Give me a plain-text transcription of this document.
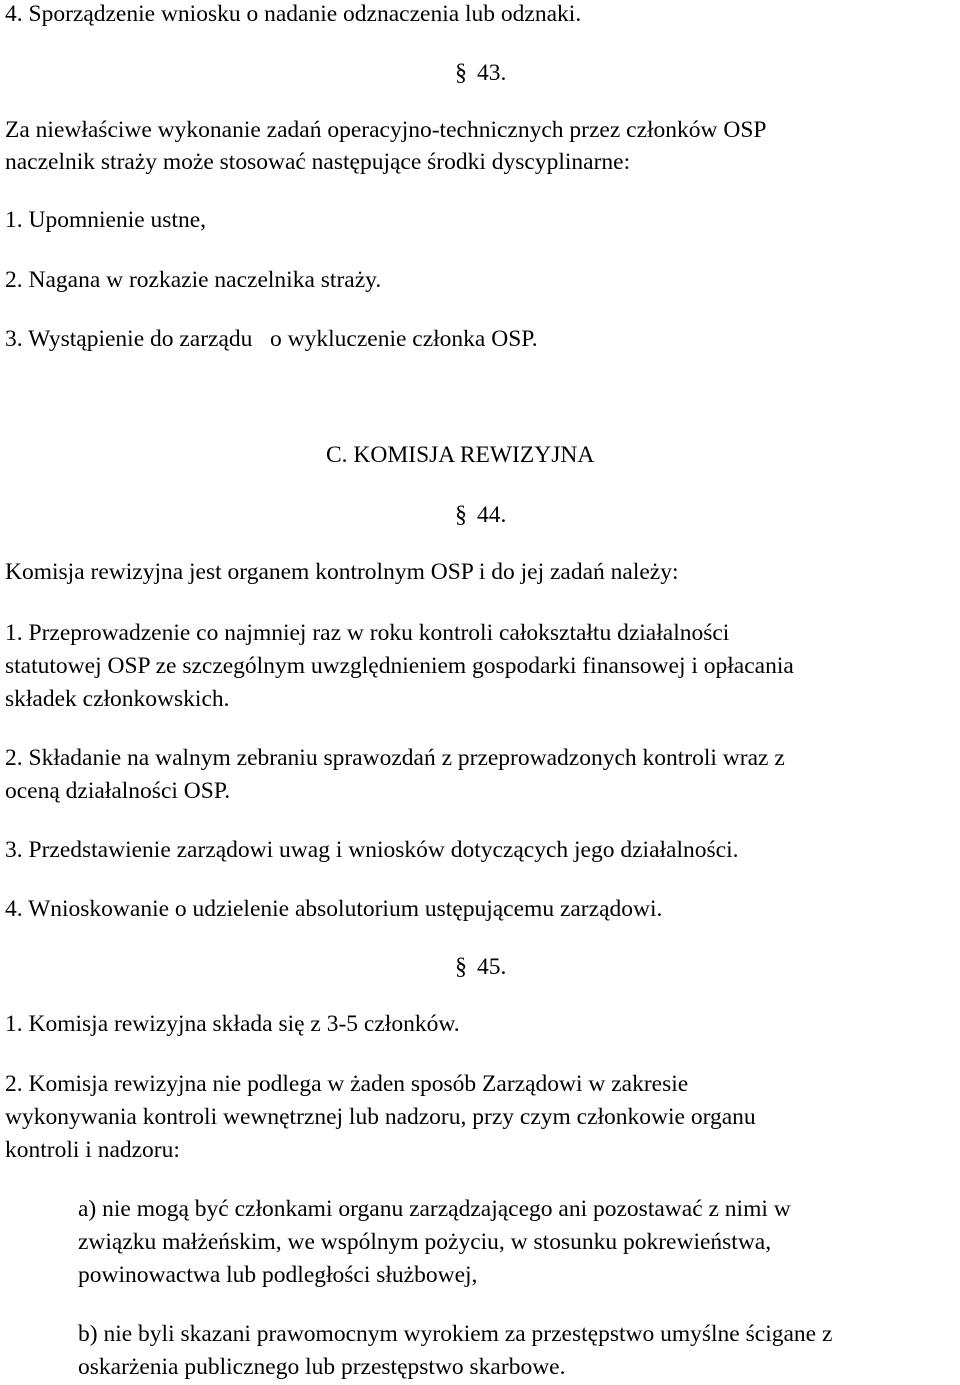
4. Sporządzenie wniosku o nadanie odznaczenia lub odznaki.

§ 43.

Za niewłaściwe wykonanie zadań operacyjno-technicznych przez członków OSP

naczelnik straży może stosować następujące środki dyscyplinarne:

1. Upomnienie ustne,

2. Nagana w rozkazie naczelnika straży.

3. Wystąpienie do zarządu   o wykluczenie członka OSP.

C. KOMISJA REWIZYJNA
§ 44.

Komisja rewizyjna jest organem kontrolnym OSP i do jej zadań należy:

1. Przeprowadzenie co najmniej raz w roku kontroli całokształtu działalności

statutowej OSP ze szczególnym uwzględnieniem gospodarki finansowej i opłacania

składek członkowskich.

2. Składanie na walnym zebraniu sprawozdań z przeprowadzonych kontroli wraz z

oceną działalności OSP.

3. Przedstawienie zarządowi uwag i wniosków dotyczących jego działalności.

4. Wnioskowanie o udzielenie absolutorium ustępującemu zarządowi.

§ 45.

1. Komisja rewizyjna składa się z 3-5 członków.

2. Komisja rewizyjna nie podlega w żaden sposób Zarządowi w zakresie

wykonywania kontroli wewnętrznej lub nadzoru, przy czym członkowie organu

kontroli i nadzoru:

a) nie mogą być członkami organu zarządzającego ani pozostawać z nimi w

związku małżeńskim, we wspólnym pożyciu, w stosunku pokrewieństwa,

powinowactwa lub podległości służbowej,

b) nie byli skazani prawomocnym wyrokiem za przestępstwo umyślne ścigane z

oskarżenia publicznego lub przestępstwo skarbowe.
